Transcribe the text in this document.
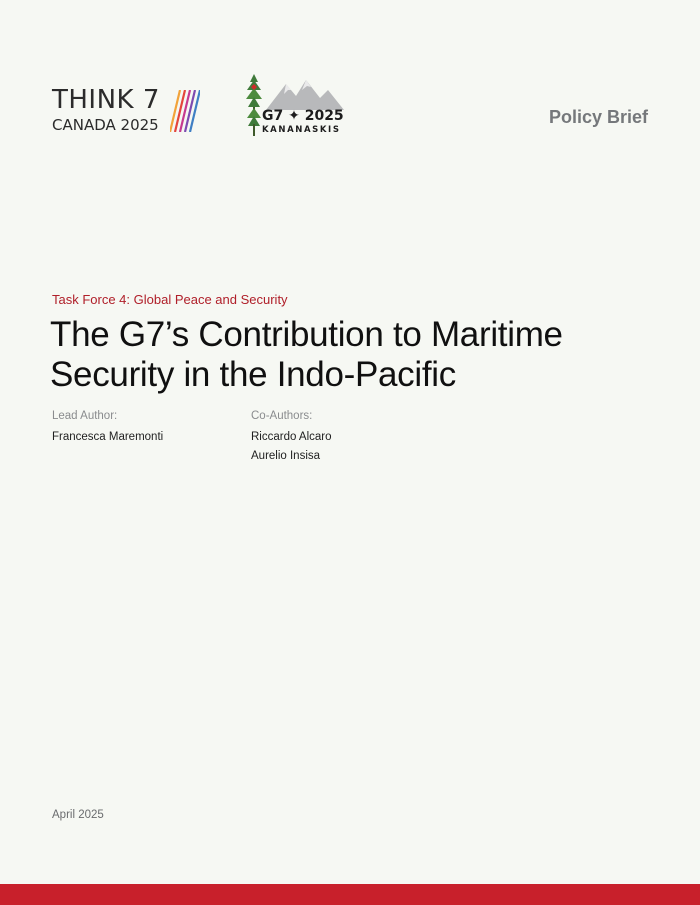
THINK 7
CANADA 2025	G7 ✦ 2025
KANANASKIS
Policy Brief
Task Force 4: Global Peace and Security
The G7’s Contribution to Maritime
Security in the Indo-Pacific
Lead Author:
Francesca Maremonti
Co-Authors:
Riccardo Alcaro
Aurelio Insisa
April 2025
